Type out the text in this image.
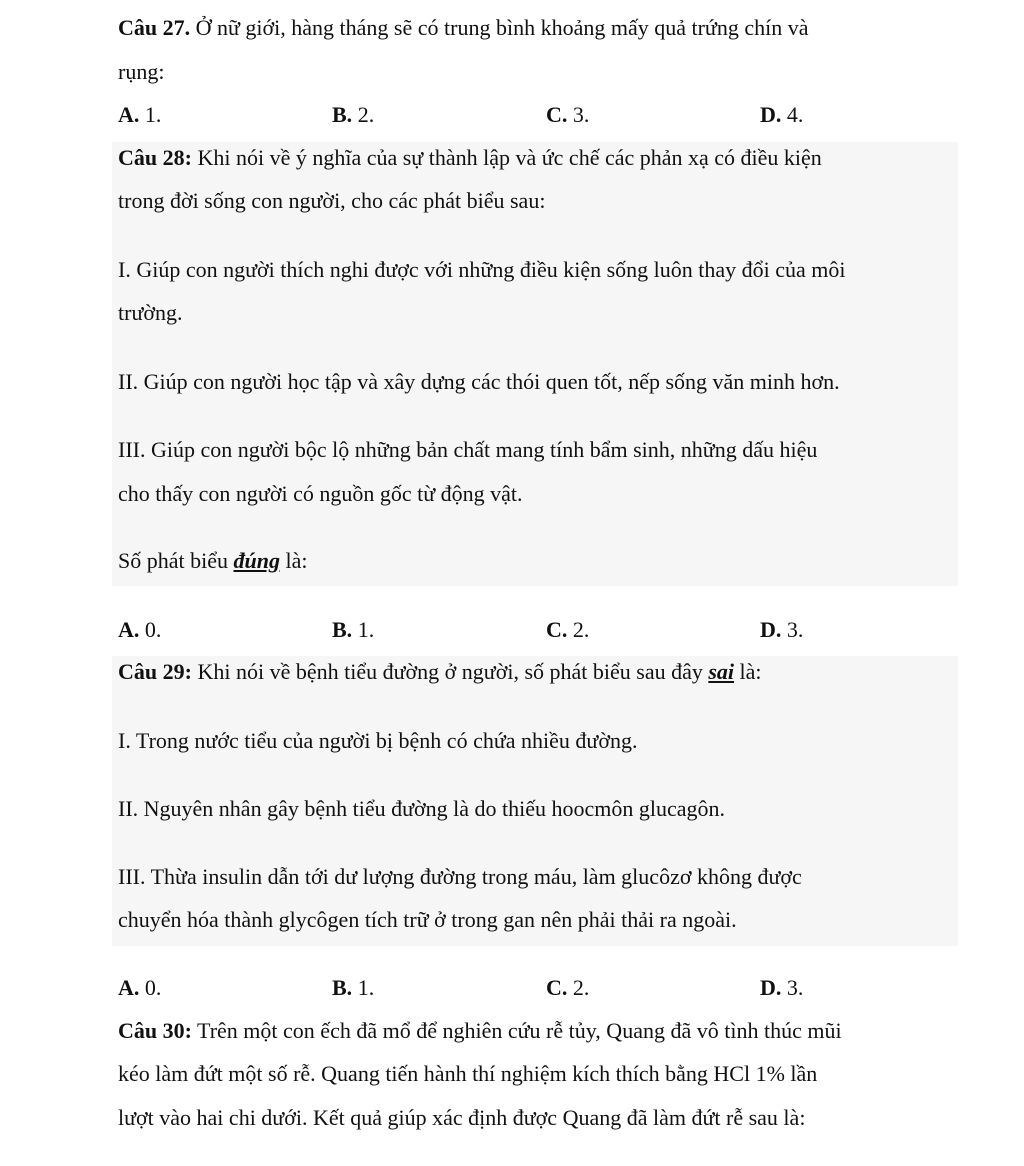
Câu 27. Ở nữ giới, hàng tháng sẽ có trung bình khoảng mấy quả trứng chín và
rụng:
A. 1.	B. 2.	C. 3.	D. 4.
Câu 28: Khi nói về ý nghĩa của sự thành lập và ức chế các phản xạ có điều kiện
trong đời sống con người, cho các phát biểu sau:
I. Giúp con người thích nghi được với những điều kiện sống luôn thay đổi của môi
trường.
II. Giúp con người học tập và xây dựng các thói quen tốt, nếp sống văn minh hơn.
III. Giúp con người bộc lộ những bản chất mang tính bẩm sinh, những dấu hiệu
cho thấy con người có nguồn gốc từ động vật.
Số phát biểu đúng là:
A. 0.	B. 1.	C. 2.	D. 3.
Câu 29: Khi nói về bệnh tiểu đường ở người, số phát biểu sau đây sai là:
I. Trong nước tiểu của người bị bệnh có chứa nhiều đường.
II. Nguyên nhân gây bệnh tiểu đường là do thiếu hoocmôn glucagôn.
III. Thừa insulin dẫn tới dư lượng đường trong máu, làm glucôzơ không được
chuyển hóa thành glycôgen tích trữ ở trong gan nên phải thải ra ngoài.
A. 0.	B. 1.	C. 2.	D. 3.
Câu 30: Trên một con ếch đã mổ để nghiên cứu rễ tủy, Quang đã vô tình thúc mũi
kéo làm đứt một số rễ. Quang tiến hành thí nghiệm kích thích bằng HCl 1% lần
lượt vào hai chi dưới. Kết quả giúp xác định được Quang đã làm đứt rễ sau là:
